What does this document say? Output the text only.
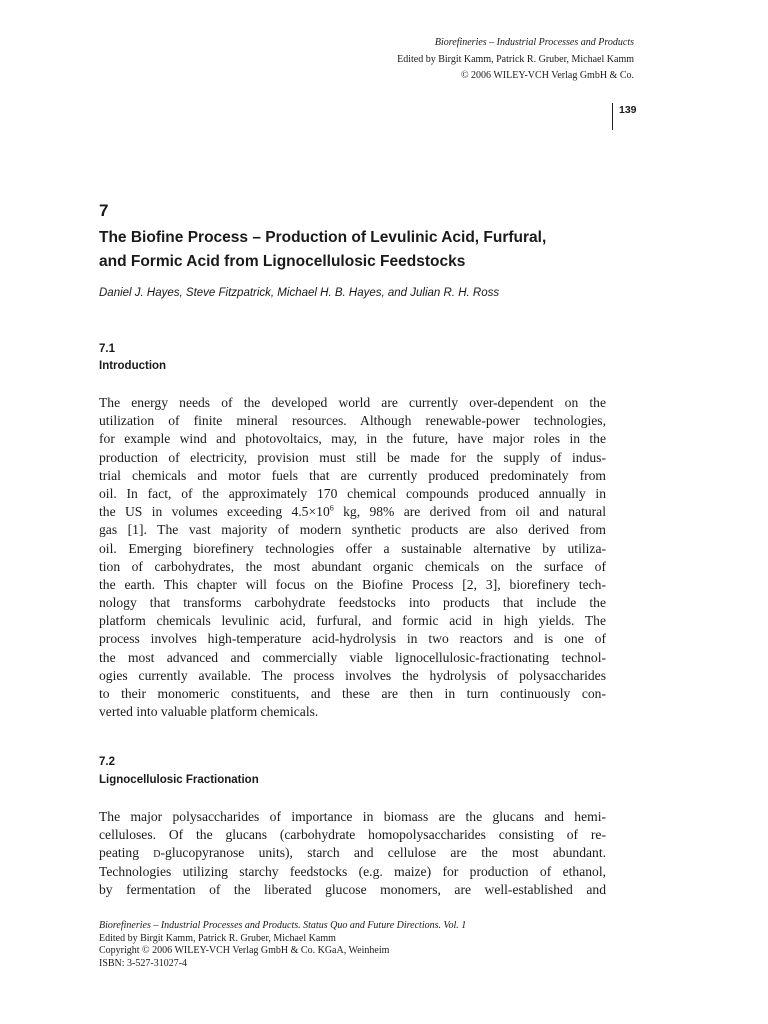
Biorefineries – Industrial Processes and Products
Edited by Birgit Kamm, Patrick R. Gruber, Michael Kamm
© 2006 WILEY-VCH Verlag GmbH & Co.
139
7
The Biofine Process – Production of Levulinic Acid, Furfural,
and Formic Acid from Lignocellulosic Feedstocks
Daniel J. Hayes, Steve Fitzpatrick, Michael H. B. Hayes, and Julian R. H. Ross
7.1
Introduction
The energy needs of the developed world are currently over-dependent on the
utilization of finite mineral resources. Although renewable-power technologies,
for example wind and photovoltaics, may, in the future, have major roles in the
production of electricity, provision must still be made for the supply of indus-
trial chemicals and motor fuels that are currently produced predominately from
oil. In fact, of the approximately 170 chemical compounds produced annually in
the US in volumes exceeding $4.5\times 10^6$ kg, 98% are derived from oil and natural
gas [1]. The vast majority of modern synthetic products are also derived from
oil. Emerging biorefinery technologies offer a sustainable alternative by utiliza-
tion of carbohydrates, the most abundant organic chemicals on the surface of
the earth. This chapter will focus on the Biofine Process [2, 3], biorefinery tech-
nology that transforms carbohydrate feedstocks into products that include the
platform chemicals levulinic acid, furfural, and formic acid in high yields. The
process involves high-temperature acid-hydrolysis in two reactors and is one of
the most advanced and commercially viable lignocellulosic-fractionating technol-
ogies currently available. The process involves the hydrolysis of polysaccharides
to their monomeric constituents, and these are then in turn continuously con-
verted into valuable platform chemicals.
7.2
Lignocellulosic Fractionation
The major polysaccharides of importance in biomass are the glucans and hemi-
celluloses. Of the glucans (carbohydrate homopolysaccharides consisting of re-
peating d-glucopyranose units), starch and cellulose are the most abundant.
Technologies utilizing starchy feedstocks (e.g. maize) for production of ethanol,
by fermentation of the liberated glucose monomers, are well-established and
Biorefineries – Industrial Processes and Products. Status Quo and Future Directions. Vol. 1
Edited by Birgit Kamm, Patrick R. Gruber, Michael Kamm
Copyright © 2006 WILEY-VCH Verlag GmbH & Co. KGaA, Weinheim
ISBN: 3-527-31027-4
